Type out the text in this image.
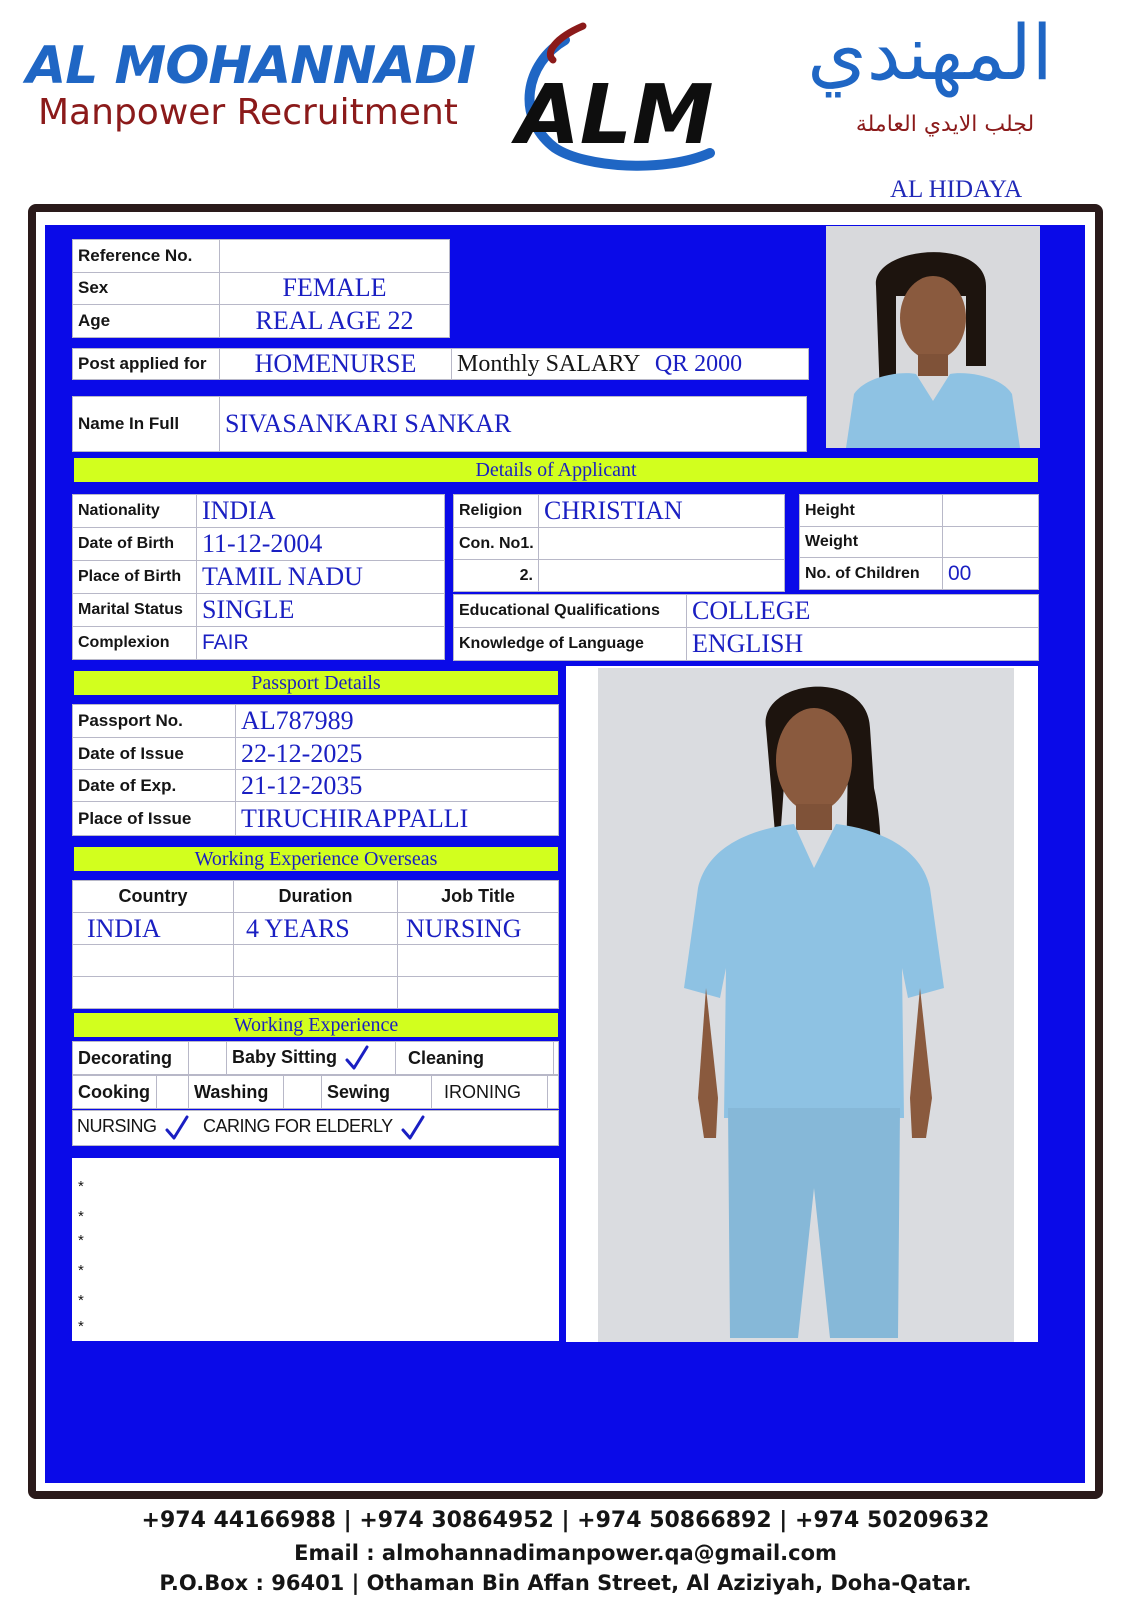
AL MOHANNADI
Manpower Recruitment ALM
المهندي
لجلب الايدي العاملة
AL HIDAYA
Reference No.	
Sex	FEMALE
Age	REAL AGE 22
Post applied for	HOMENURSE	Monthly SALARY QR 2000
Name In Full	SIVASANKARI SANKAR
Details of Applicant
Nationality	INDIA
Date of Birth	11-12-2004
Place of Birth	TAMIL NADU
Marital Status	SINGLE
Complexion	FAIR
Religion	CHRISTIAN
Con. No1.	
2.	
Height	
Weight	
No. of Children	00
Educational Qualifications	COLLEGE
Knowledge of Language	ENGLISH
Passport Details
Passport No.	AL787989
Date of Issue	22-12-2025
Date of Exp.	21-12-2035
Place of Issue	TIRUCHIRAPPALLI
Working Experience Overseas
Country	Duration	Job Title
INDIA	4 YEARS	NURSING

Working Experience
Decorating		Baby Sitting	Cleaning	
Cooking		Washing		Sewing	IRONING	
NURSING	CARING FOR ELDERLY
*
*
*
*
*
*
+974 44166988 | +974 30864952 | +974 50866892 | +974 50209632
Email : almohannadimanpower.qa@gmail.com
P.O.Box : 96401 | Othaman Bin Affan Street, Al Aziziyah, Doha-Qatar.
